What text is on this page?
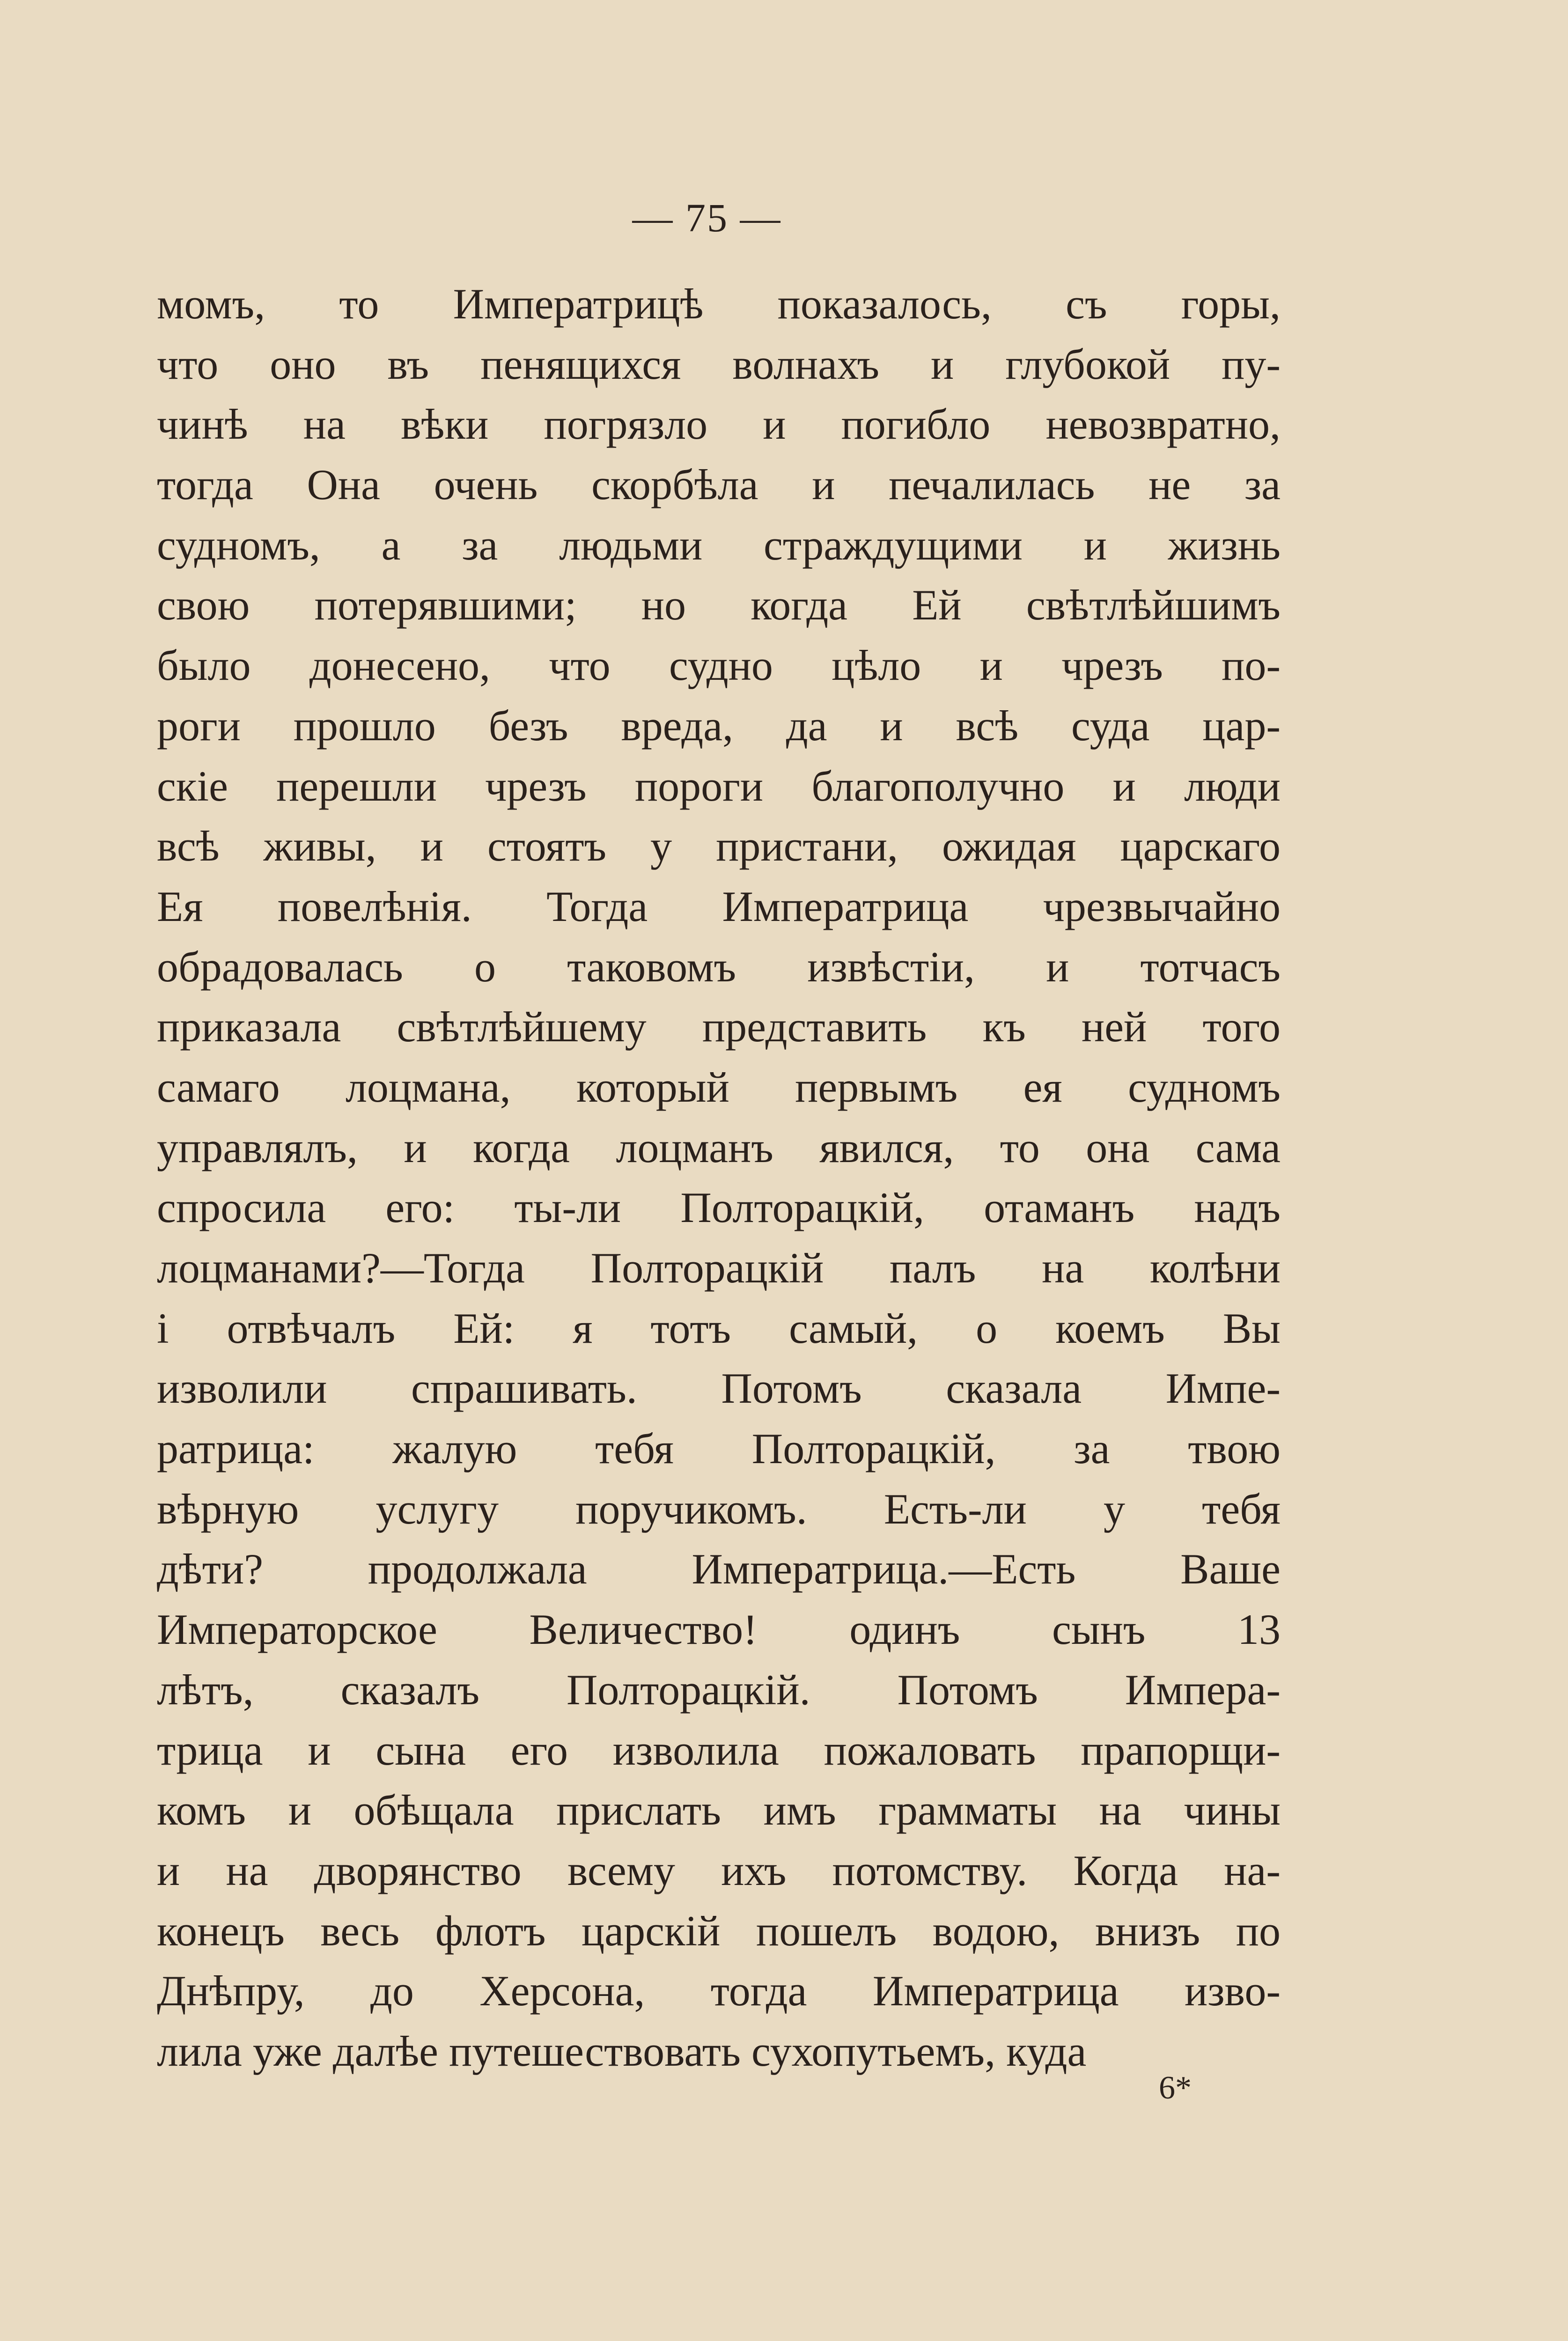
— 75 —
момъ, то Императрицѣ показалось, съ горы,
что оно въ пенящихся волнахъ и глубокой пу-
чинѣ на вѣки погрязло и погибло невозвратно,
тогда Она очень скорбѣла и печалилась не за
судномъ, а за людьми страждущими и жизнь
свою потерявшими; но когда Ей свѣтлѣйшимъ
было донесено, что судно цѣло и чрезъ по-
роги прошло безъ вреда, да и всѣ суда цар-
скіе перешли чрезъ пороги благополучно и люди
всѣ живы, и стоятъ у пристани, ожидая царскаго
Ея повелѣнія. Тогда Императрица чрезвычайно
обрадовалась о таковомъ извѣстіи, и тотчасъ
приказала свѣтлѣйшему представить къ ней того
самаго лоцмана, который первымъ ея судномъ
управлялъ, и когда лоцманъ явился, то она сама
спросила его: ты-ли Полторацкій, отаманъ надъ
лоцманами?—Тогда Полторацкій палъ на колѣни
і отвѣчалъ Ей: я тотъ самый, о коемъ Вы
изволили спрашивать. Потомъ сказала Импе-
ратрица: жалую тебя Полторацкій, за твою
вѣрную услугу поручикомъ. Есть-ли у тебя
дѣти? продолжала Императрица.—Есть Ваше
Императорское Величество! одинъ сынъ 13
лѣтъ, сказалъ Полторацкій. Потомъ Импера-
трица и сына его изволила пожаловать прапорщи-
комъ и обѣщала прислать имъ грамматы на чины
и на дворянство всему ихъ потомству. Когда на-
конецъ весь флотъ царскій пошелъ водою, внизъ по
Днѣпру, до Херсона, тогда Императрица изво-
лила уже далѣе путешествовать сухопутьемъ, куда
6*
